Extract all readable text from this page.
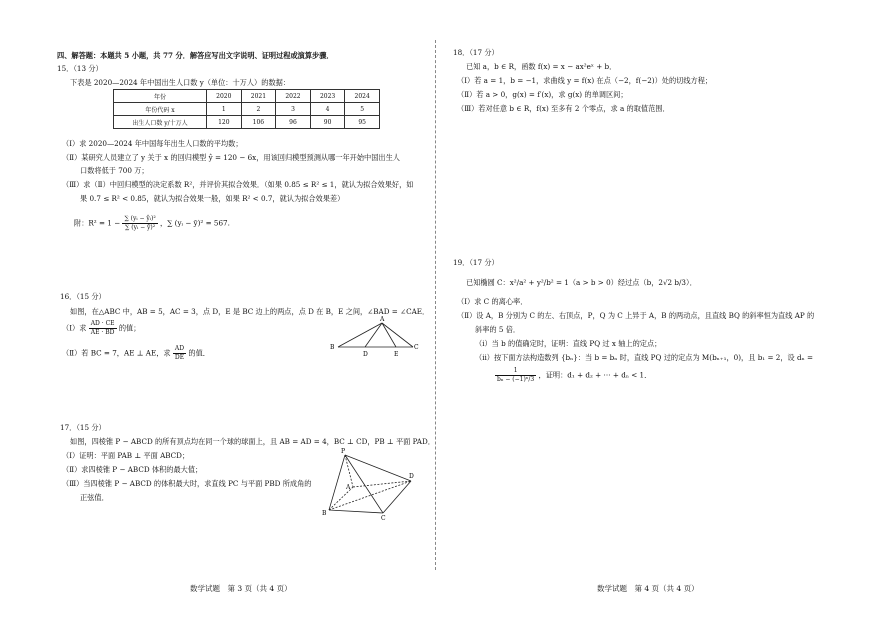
四、解答题：本题共 5 小题，共 77 分．解答应写出文字说明、证明过程或演算步骤．
15．（13 分）
下表是 2020—2024 年中国出生人口数 y（单位：十万人）的数据：
年份	2020	2021	2022	2023	2024
年份代码 x	1	2	3	4	5
出生人口数 y/十万人	120	106	96	90	95
（Ⅰ）求 2020—2024 年中国每年出生人口数的平均数；
（Ⅱ）某研究人员建立了 y 关于 x 的回归模型 ŷ = 120 − 6x，用该回归模型预测从哪一年开始中国出生人
口数将低于 700 万；
（Ⅲ）求（Ⅱ）中回归模型的决定系数 R²，并评价其拟合效果．（如果 0.85 ≤ R² ≤ 1，就认为拟合效果好，如
果 0.7 ≤ R² < 0.85，就认为拟合效果一般，如果 R² < 0.7，就认为拟合效果差）
附：$R^2 = 1 - \frac{\text{∑ (yᵢ − ŷᵢ)²}}{\text{∑ (yᵢ − ȳ)²}}$ ，∑ (yᵢ − ȳ)² = 567.
16．（15 分）
如图，在△ABC 中，AB = 5，AC = 3，点 D，E 是 BC 边上的两点，点 D 在 B，E 之间，∠BAD = ∠CAE．
（Ⅰ）求 $\frac{AD \cdot CE}{AE \cdot BD}$ 的值；
（Ⅱ）若 BC = 7，AE ⊥ AE，求 $\frac{AD}{DE}$ 的值．
A
B	C
D	E
17．（15 分）
如图，四棱锥 P − ABCD 的所有顶点均在同一个球的球面上，且 AB = AD = 4，BC ⊥ CD，PB ⊥ 平面 PAD．
（Ⅰ）证明：平面 PAB ⊥ 平面 ABCD；
（Ⅱ）求四棱锥 P − ABCD 体积的最大值；
（Ⅲ）当四棱锥 P − ABCD 的体积最大时，求直线 PC 与平面 PBD 所成角的
正弦值．
P
A
B
C
D
数学试题　第 3 页（共 4 页）
18．（17 分）
已知 a，b ∈ R，函数 f(x) = x − ax²eˣ + b．
（Ⅰ）若 a = 1，b = −1，求曲线 y = f(x) 在点（−2，f(−2)）处的切线方程；
（Ⅱ）若 a > 0，g(x) = f′(x)，求 g(x) 的单调区间；
（Ⅲ）若对任意 b ∈ R，f(x) 至多有 2 个零点，求 a 的取值范围．
19．（17 分）
已知椭圆 C：x²/a² + y²/b² = 1（a > b > 0）经过点（b，2√2 b/3）．
（Ⅰ）求 C 的离心率．
（Ⅱ）设 A，B 分别为 C 的左、右顶点，P，Q 为 C 上异于 A，B 的两动点，且直线 BQ 的斜率恒为直线 AP 的
斜率的 5 倍．
（ⅰ）当 b 的值确定时，证明：直线 PQ 过 x 轴上的定点；
（ⅱ）按下面方法构造数列 {bₙ}：当 b = bₙ 时，直线 PQ 过的定点为 M(bₙ₊₁，0)，且 b₁ = 2，设 dₙ =
$\frac{1}{\text{bₙ − (−1)ⁿ/3}}$ ，证明：d₁ + d₂ + ⋯ + dₙ < 1．
数学试题　第 4 页（共 4 页）
